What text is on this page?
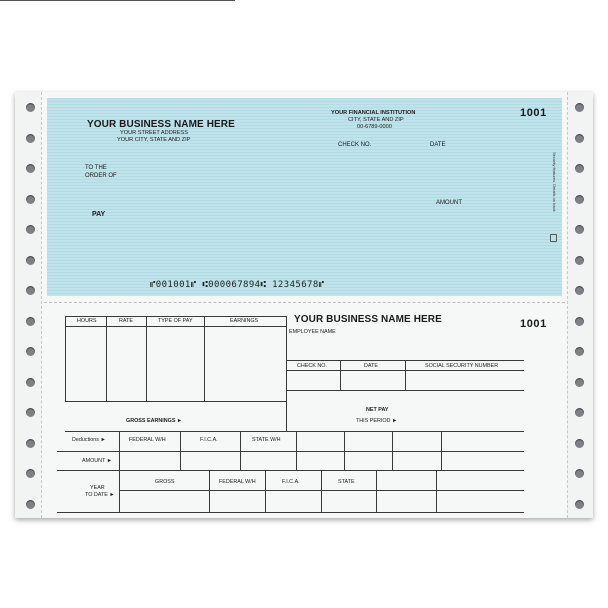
YOUR BUSINESS NAME HERE
YOUR STREET ADDRESS
YOUR CITY, STATE AND ZIP
YOUR FINANCIAL INSTITUTION
CITY, STATE AND ZIP
00-6789-0000
1001
CHECK NO.	DATE
TO THE
ORDER OF
PAY
AMOUNT	Security features. Details on back
⑈001001⑈ ⑆000067894⑆ 12345678⑈
YOUR BUSINESS NAME HERE	1001
EMPLOYEE NAME
HOURS	RATE	TYPE OF PAY	EARNINGS
CHECK NO.	DATE	SOCIAL SECURITY NUMBER
GROSS EARNINGS ►
NET PAY
THIS PERIOD ►
Deductions ►	FEDERAL W/H	F.I.C.A.	STATE W/H
AMOUNT ►
YEAR
TO DATE ►
GROSS	FEDERAL W/H	F.I.C.A.	STATE
